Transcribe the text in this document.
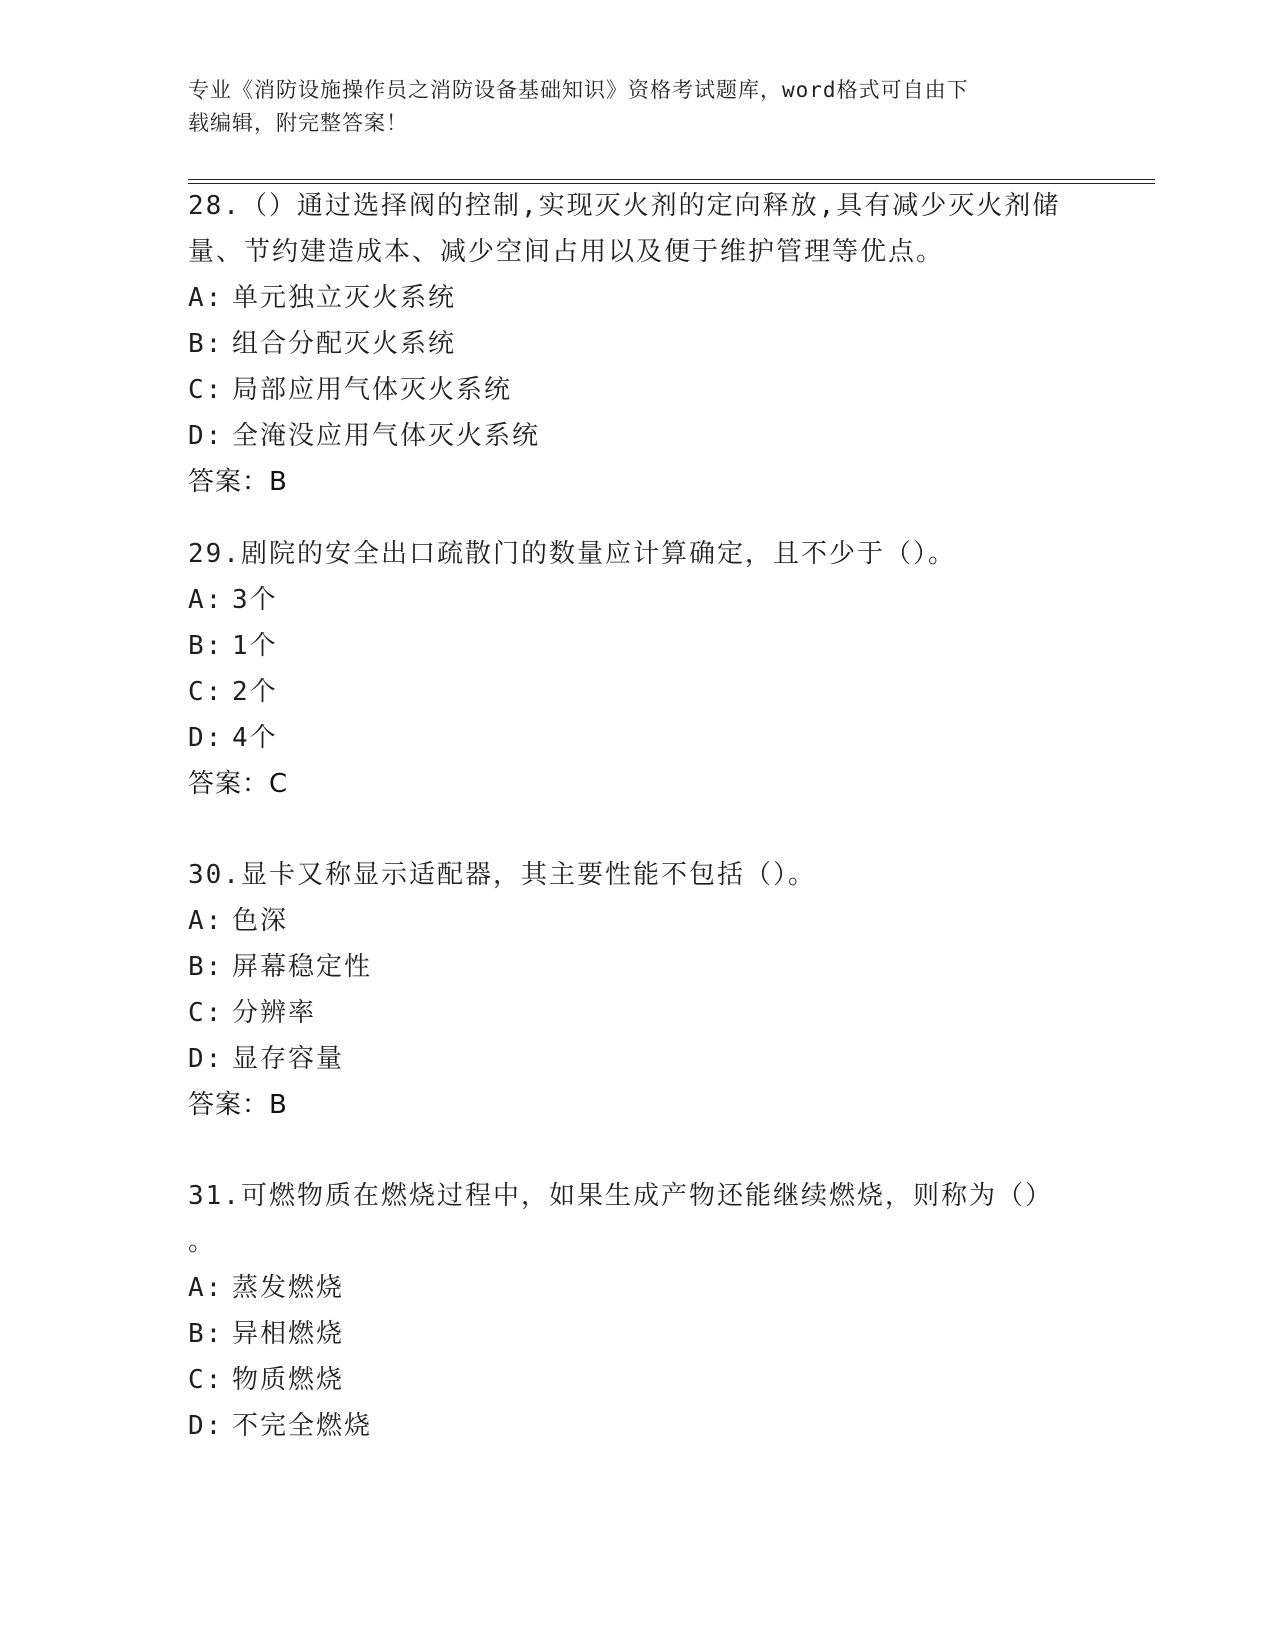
专业《消防设施操作员之消防设备基础知识》资格考试题库，word格式可自由下
载编辑，附完整答案！

28.（）通过选择阀的控制,实现灭火剂的定向释放,具有减少灭火剂储

量、节约建造成本、减少空间占用以及便于维护管理等优点。

A: 单元独立灭火系统

B: 组合分配灭火系统

C: 局部应用气体灭火系统

D: 全淹没应用气体灭火系统

答案：B

29.剧院的安全出口疏散门的数量应计算确定，且不少于（）。

A: 3个

B: 1个

C: 2个

D: 4个

答案：C

30.显卡又称显示适配器，其主要性能不包括（）。

A: 色深

B: 屏幕稳定性

C: 分辨率

D: 显存容量

答案：B

31.可燃物质在燃烧过程中，如果生成产物还能继续燃烧，则称为（）

。

A: 蒸发燃烧

B: 异相燃烧

C: 物质燃烧

D: 不完全燃烧
